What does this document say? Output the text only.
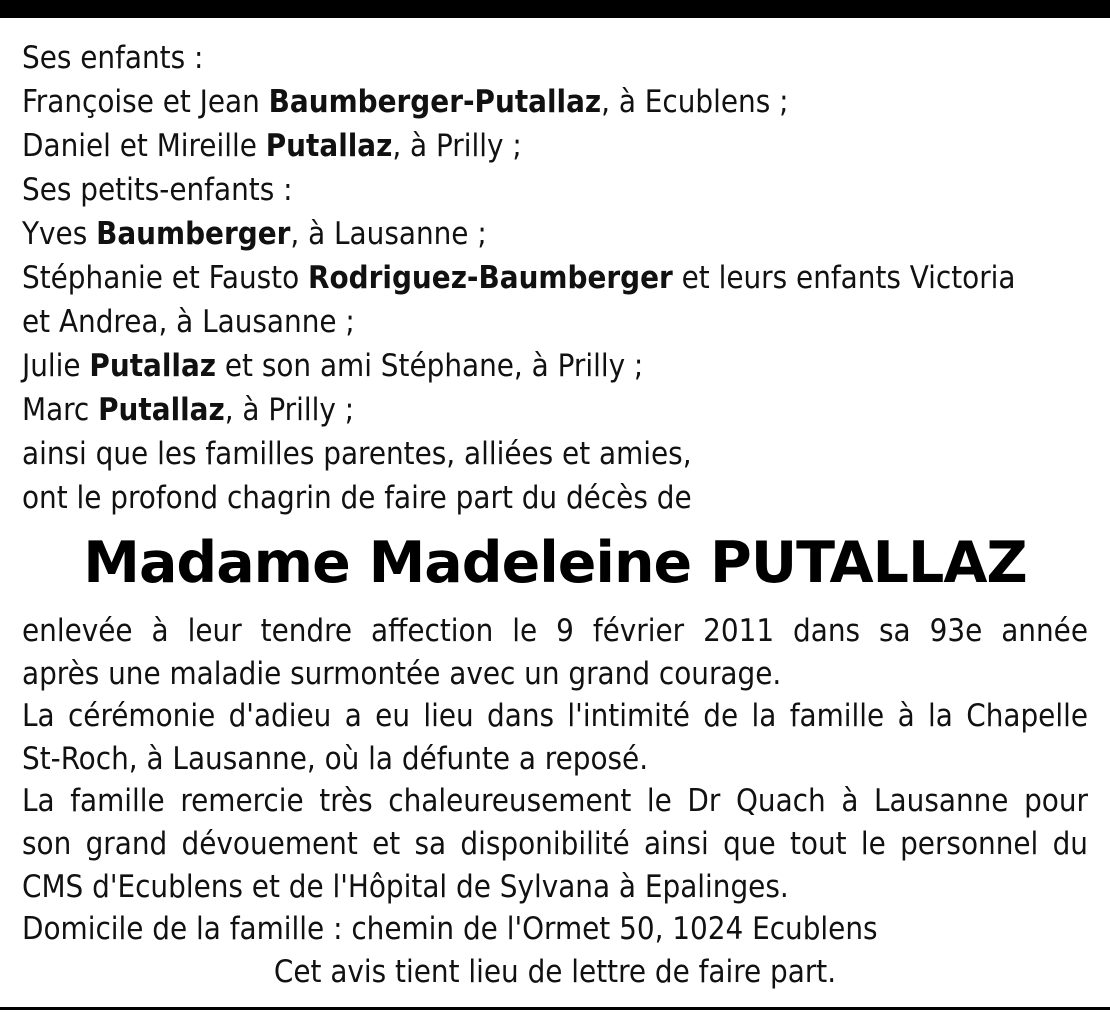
Ses enfants :
Françoise et Jean Baumberger-Putallaz, à Ecublens ;
Daniel et Mireille Putallaz, à Prilly ;
Ses petits-enfants :
Yves Baumberger, à Lausanne ;
Stéphanie et Fausto Rodriguez-Baumberger et leurs enfants Victoria
et Andrea, à Lausanne ;
Julie Putallaz et son ami Stéphane, à Prilly ;
Marc Putallaz, à Prilly ;
ainsi que les familles parentes, alliées et amies,
ont le profond chagrin de faire part du décès de
Madame Madeleine PUTALLAZ
enlevée à leur tendre affection le 9 février 2011 dans sa 93e année
après une maladie surmontée avec un grand courage.
La cérémonie d'adieu a eu lieu dans l'intimité de la famille à la Chapelle
St-Roch, à Lausanne, où la défunte a reposé.
La famille remercie très chaleureusement le Dr Quach à Lausanne pour
son grand dévouement et sa disponibilité ainsi que tout le personnel du
CMS d'Ecublens et de l'Hôpital de Sylvana à Epalinges.
Domicile de la famille : chemin de l'Ormet 50, 1024 Ecublens
Cet avis tient lieu de lettre de faire part.
